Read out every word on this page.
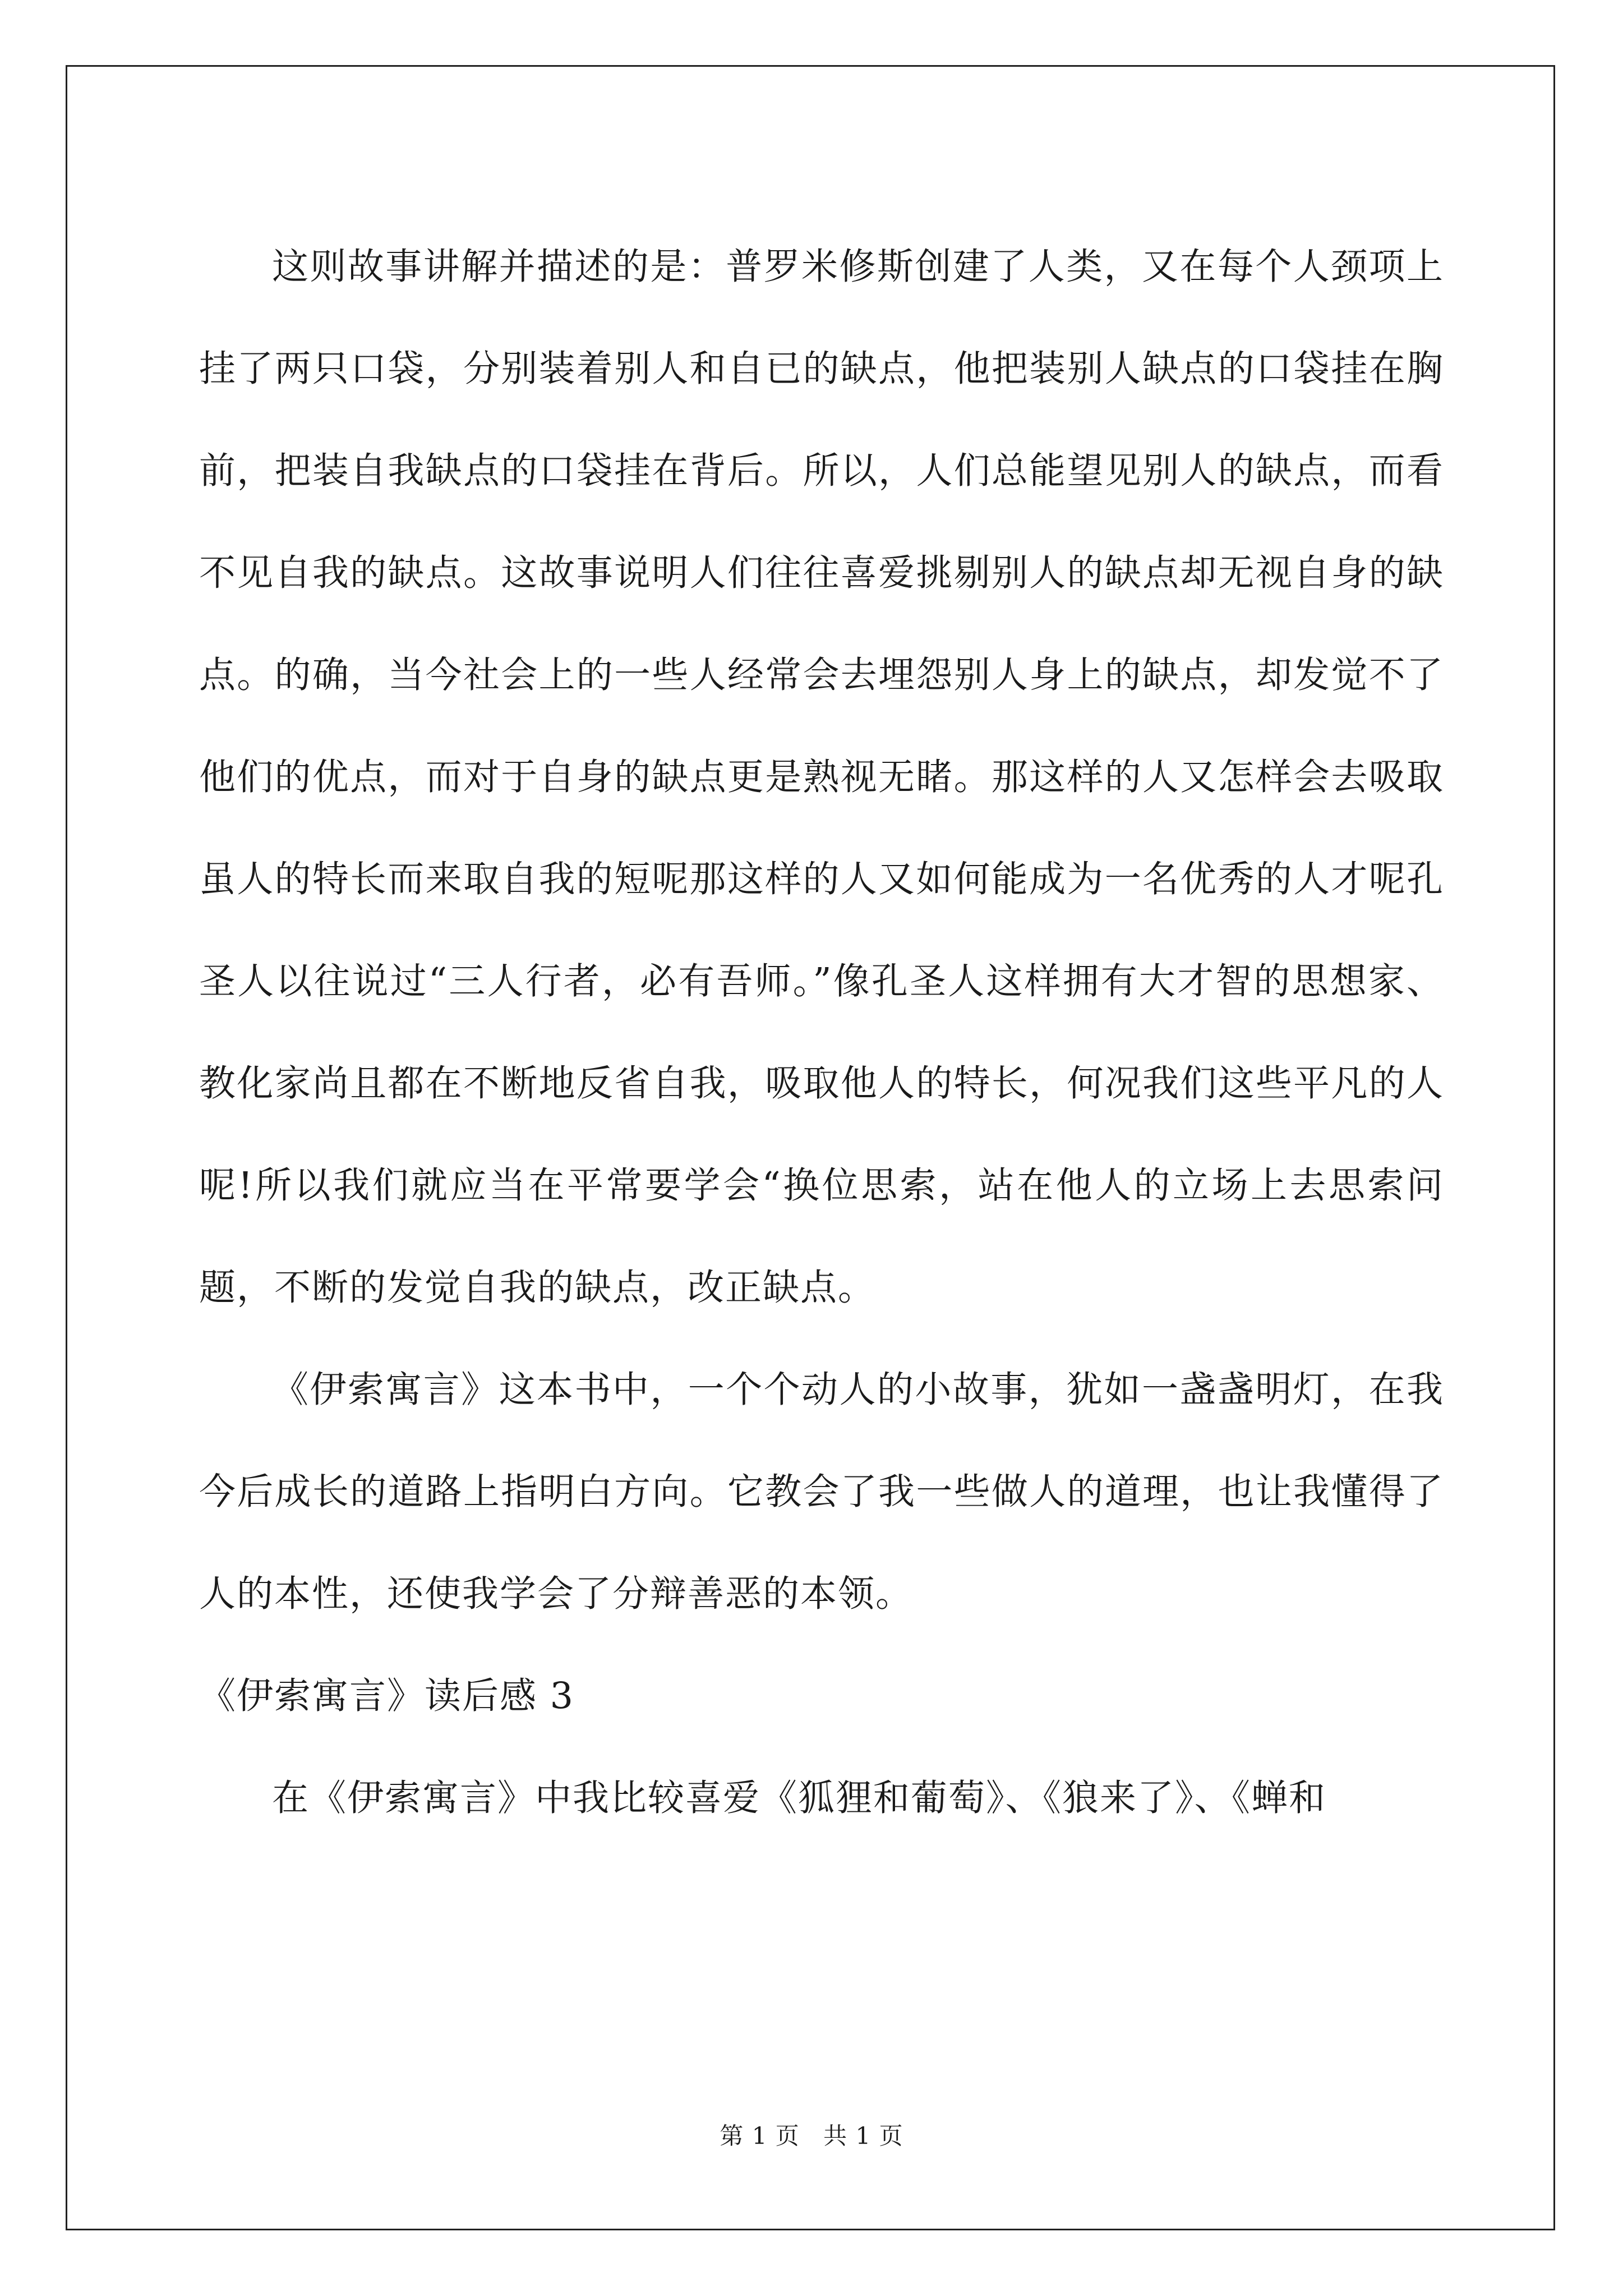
这则故事讲解并描述的是：普罗米修斯创建了人类，又在每个人颈项上挂了两只口袋，分别装着别人和自已的缺点，他把装别人缺点的口袋挂在胸前，把装自我缺点的口袋挂在背后。所以，人们总能望见别人的缺点，而看不见自我的缺点。这故事说明人们往往喜爱挑剔别人的缺点却无视自身的缺点。的确，当今社会上的一些人经常会去埋怨别人身上的缺点，却发觉不了他们的优点，而对于自身的缺点更是熟视无睹。那这样的人又怎样会去吸取虽人的特长而来取自我的短呢那这样的人又如何能成为一名优秀的人才呢孔圣人以往说过“三人行者，必有吾师。”像孔圣人这样拥有大才智的思想家、教化家尚且都在不断地反省自我，吸取他人的特长，何况我们这些平凡的人呢!所以我们就应当在平常要学会“换位思索，站在他人的立场上去思索问题，不断的发觉自我的缺点，改正缺点。

《伊索寓言》这本书中，一个个动人的小故事，犹如一盏盏明灯，在我今后成长的道路上指明白方向。它教会了我一些做人的道理，也让我懂得了人的本性，还使我学会了分辩善恶的本领。

《伊索寓言》读后感 3

在《伊索寓言》中我比较喜爱《狐狸和葡萄》、《狼来了》、《蝉和

第 1 页 共 1 页
